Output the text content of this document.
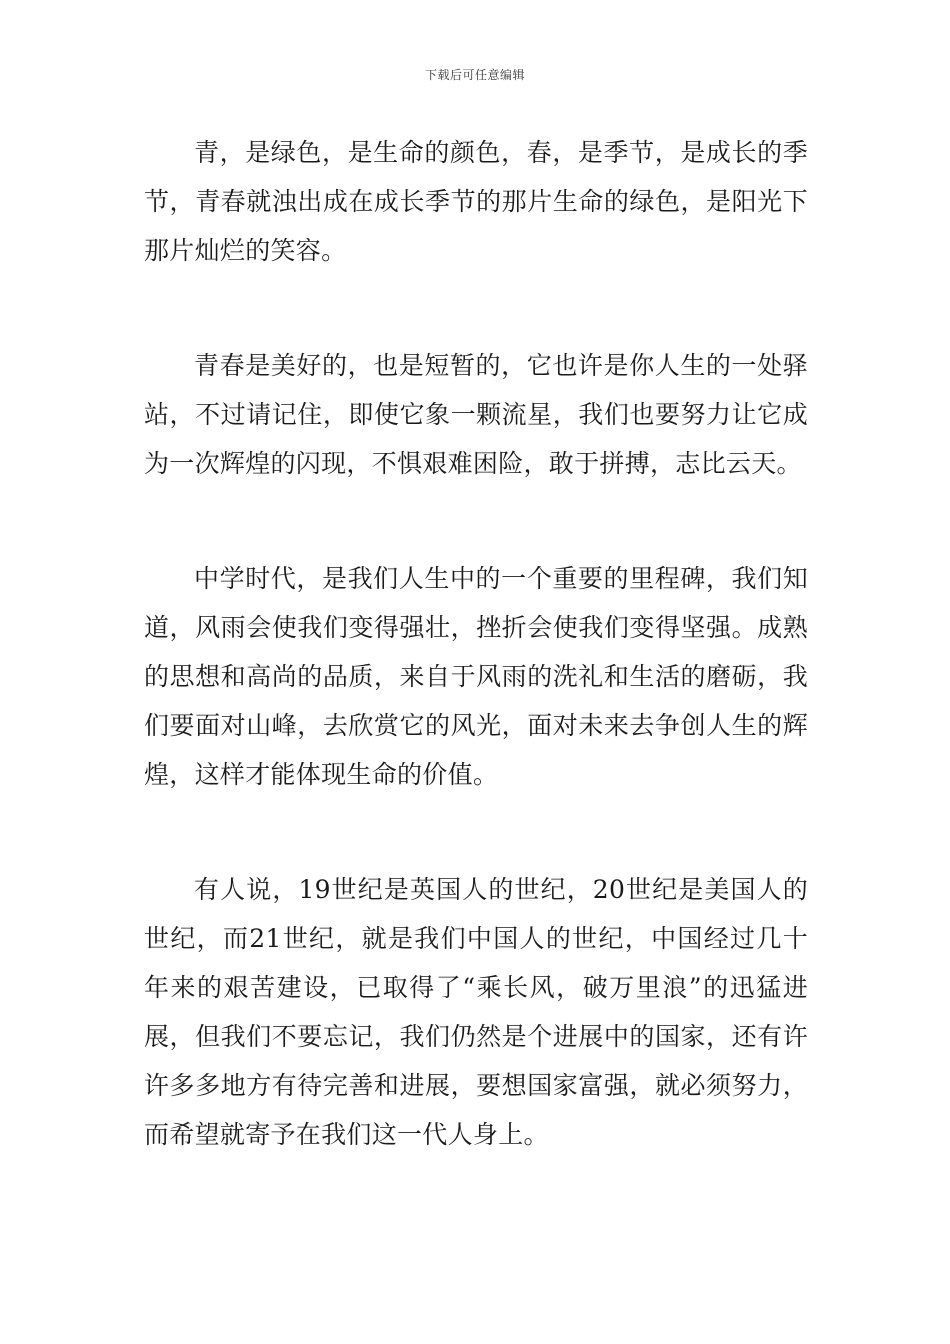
下载后可任意编辑

青，是绿色，是生命的颜色，春，是季节，是成长的季节，青春就浊出成在成长季节的那片生命的绿色，是阳光下那片灿烂的笑容。

青春是美好的，也是短暂的，它也许是你人生的一处驿站，不过请记住，即使它象一颗流星，我们也要努力让它成为一次辉煌的闪现，不惧艰难困险，敢于拼搏，志比云天。

中学时代，是我们人生中的一个重要的里程碑，我们知道，风雨会使我们变得强壮，挫折会使我们变得坚强。成熟的思想和高尚的品质，来自于风雨的洗礼和生活的磨砺，我们要面对山峰，去欣赏它的风光，面对未来去争创人生的辉煌，这样才能体现生命的价值。

有人说，19世纪是英国人的世纪，20世纪是美国人的世纪，而21世纪，就是我们中国人的世纪，中国经过几十年来的艰苦建设，已取得了“乘长风，破万里浪”的迅猛进展，但我们不要忘记，我们仍然是个进展中的国家，还有许许多多地方有待完善和进展，要想国家富强，就必须努力，而希望就寄予在我们这一代人身上。
